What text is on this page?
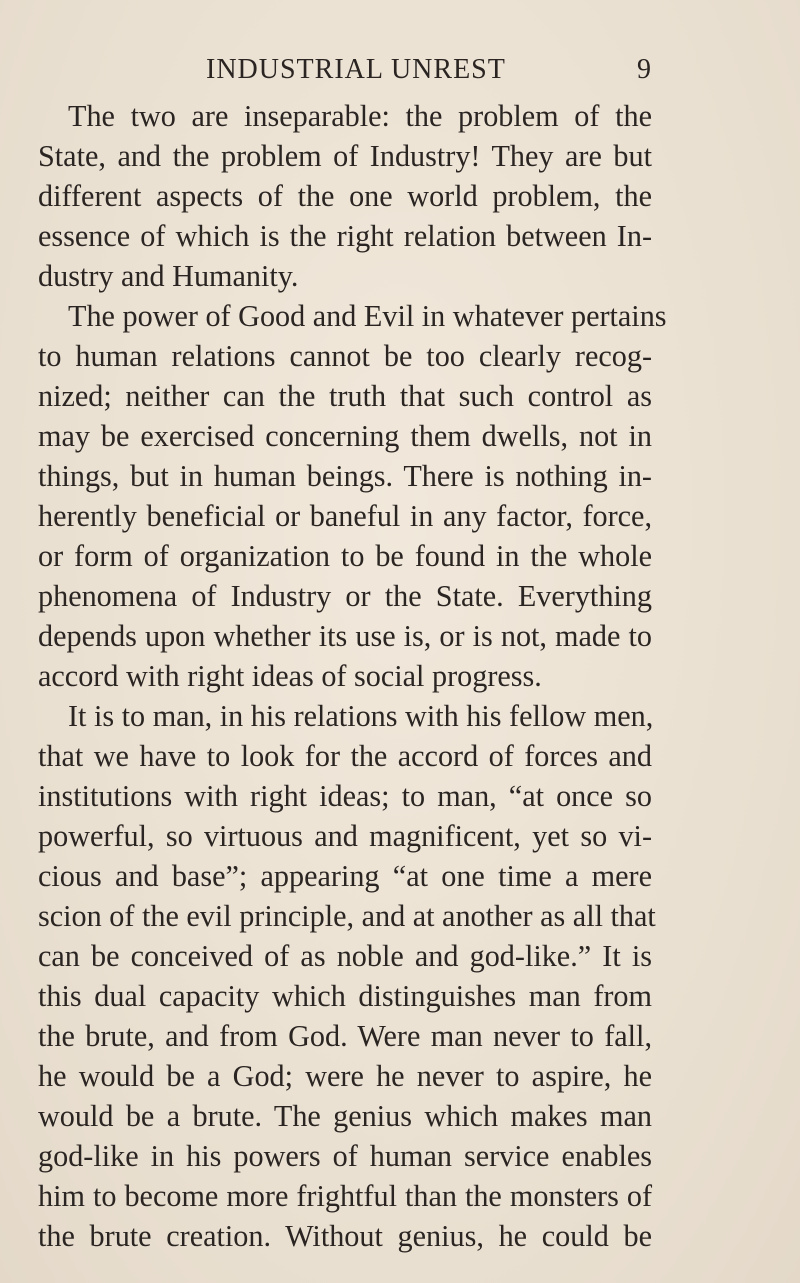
INDUSTRIAL UNREST	9
The two are inseparable: the problem of the
State, and the problem of Industry! They are but
different aspects of the one world problem, the
essence of which is the right relation between In-
dustry and Humanity.
The power of Good and Evil in whatever pertains
to human relations cannot be too clearly recog-
nized; neither can the truth that such control as
may be exercised concerning them dwells, not in
things, but in human beings. There is nothing in-
herently beneficial or baneful in any factor, force,
or form of organization to be found in the whole
phenomena of Industry or the State. Everything
depends upon whether its use is, or is not, made to
accord with right ideas of social progress.
It is to man, in his relations with his fellow men,
that we have to look for the accord of forces and
institutions with right ideas; to man, “at once so
powerful, so virtuous and magnificent, yet so vi-
cious and base”; appearing “at one time a mere
scion of the evil principle, and at another as all that
can be conceived of as noble and god-like.” It is
this dual capacity which distinguishes man from
the brute, and from God. Were man never to fall,
he would be a God; were he never to aspire, he
would be a brute. The genius which makes man
god-like in his powers of human service enables
him to become more frightful than the monsters of
the brute creation. Without genius, he could be
